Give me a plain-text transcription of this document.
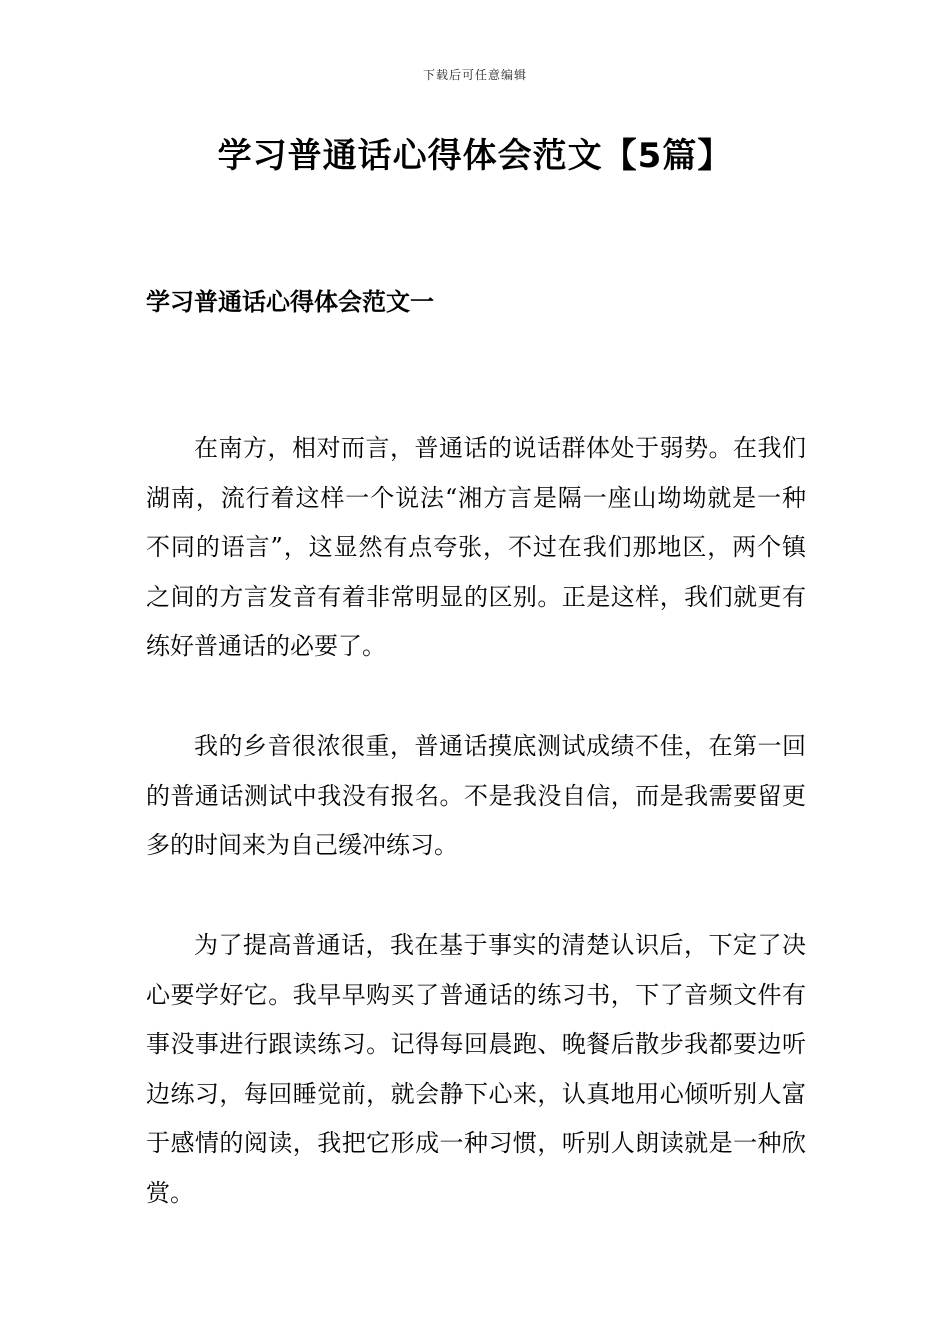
下载后可任意编辑
学习普通话心得体会范文【5篇】
学习普通话心得体会范文一

在南方，相对而言，普通话的说话群体处于弱势。在我们湖南，流行着这样一个说法“湘方言是隔一座山坳坳就是一种不同的语言”，这显然有点夸张，不过在我们那地区，两个镇之间的方言发音有着非常明显的区别。正是这样，我们就更有练好普通话的必要了。

我的乡音很浓很重，普通话摸底测试成绩不佳，在第一回的普通话测试中我没有报名。不是我没自信，而是我需要留更多的时间来为自己缓冲练习。

为了提高普通话，我在基于事实的清楚认识后，下定了决心要学好它。我早早购买了普通话的练习书，下了音频文件有事没事进行跟读练习。记得每回晨跑、晚餐后散步我都要边听边练习，每回睡觉前，就会静下心来，认真地用心倾听别人富于感情的阅读，我把它形成一种习惯，听别人朗读就是一种欣赏。
